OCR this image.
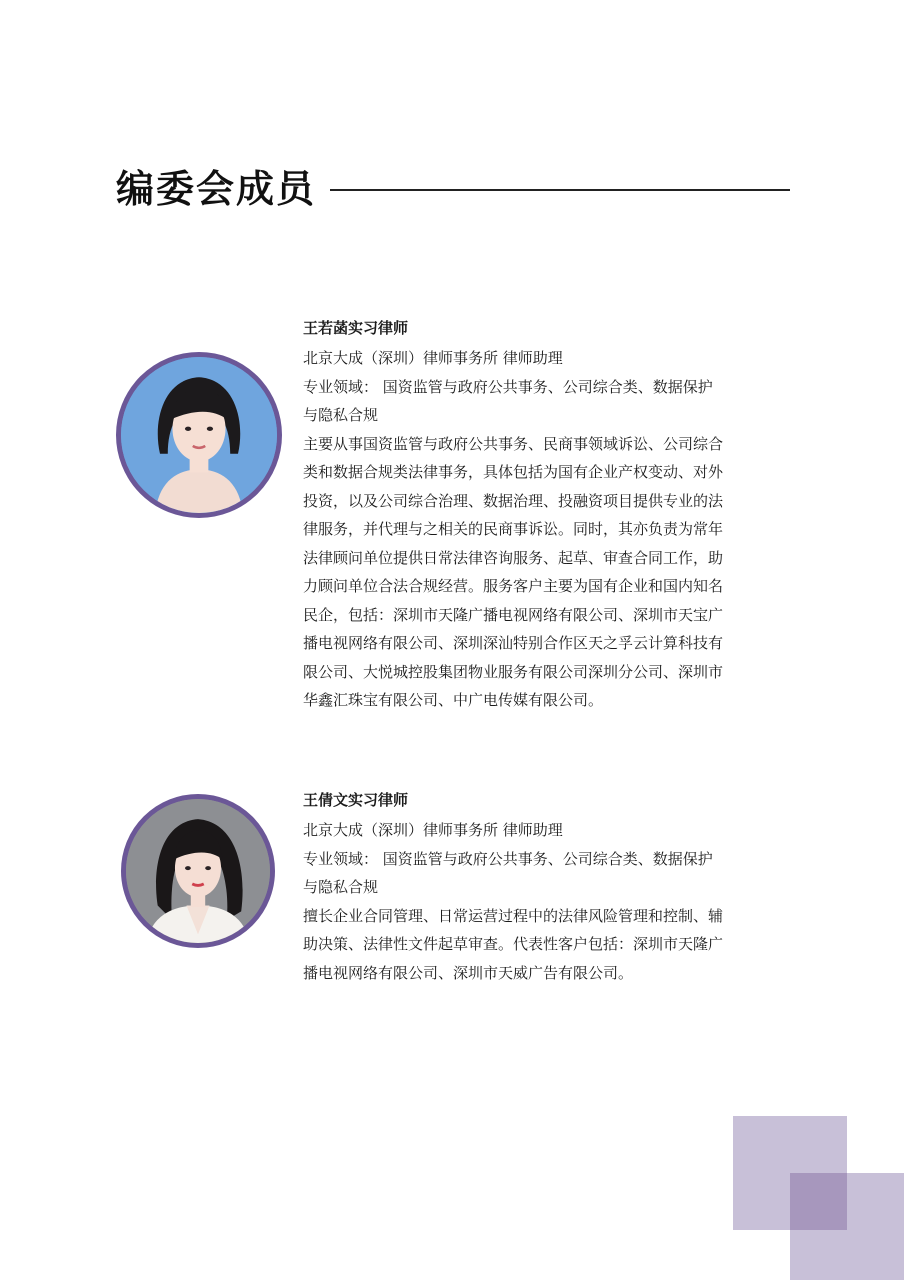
编委会成员
王若菡实习律师
北京大成（深圳）律师事务所 律师助理
专业领域： 国资监管与政府公共事务、公司综合类、数据保护
与隐私合规
主要从事国资监管与政府公共事务、民商事领域诉讼、公司综合
类和数据合规类法律事务，具体包括为国有企业产权变动、对外
投资，以及公司综合治理、数据治理、投融资项目提供专业的法
律服务，并代理与之相关的民商事诉讼。同时，其亦负责为常年
法律顾问单位提供日常法律咨询服务、起草、审查合同工作，助
力顾问单位合法合规经营。服务客户主要为国有企业和国内知名
民企，包括：深圳市天隆广播电视网络有限公司、深圳市天宝广
播电视网络有限公司、深圳深汕特别合作区天之孚云计算科技有
限公司、大悦城控股集团物业服务有限公司深圳分公司、深圳市
华鑫汇珠宝有限公司、中广电传媒有限公司。
王倩文实习律师
北京大成（深圳）律师事务所 律师助理
专业领域： 国资监管与政府公共事务、公司综合类、数据保护
与隐私合规
擅长企业合同管理、日常运营过程中的法律风险管理和控制、辅
助决策、法律性文件起草审查。代表性客户包括：深圳市天隆广
播电视网络有限公司、深圳市天威广告有限公司。
